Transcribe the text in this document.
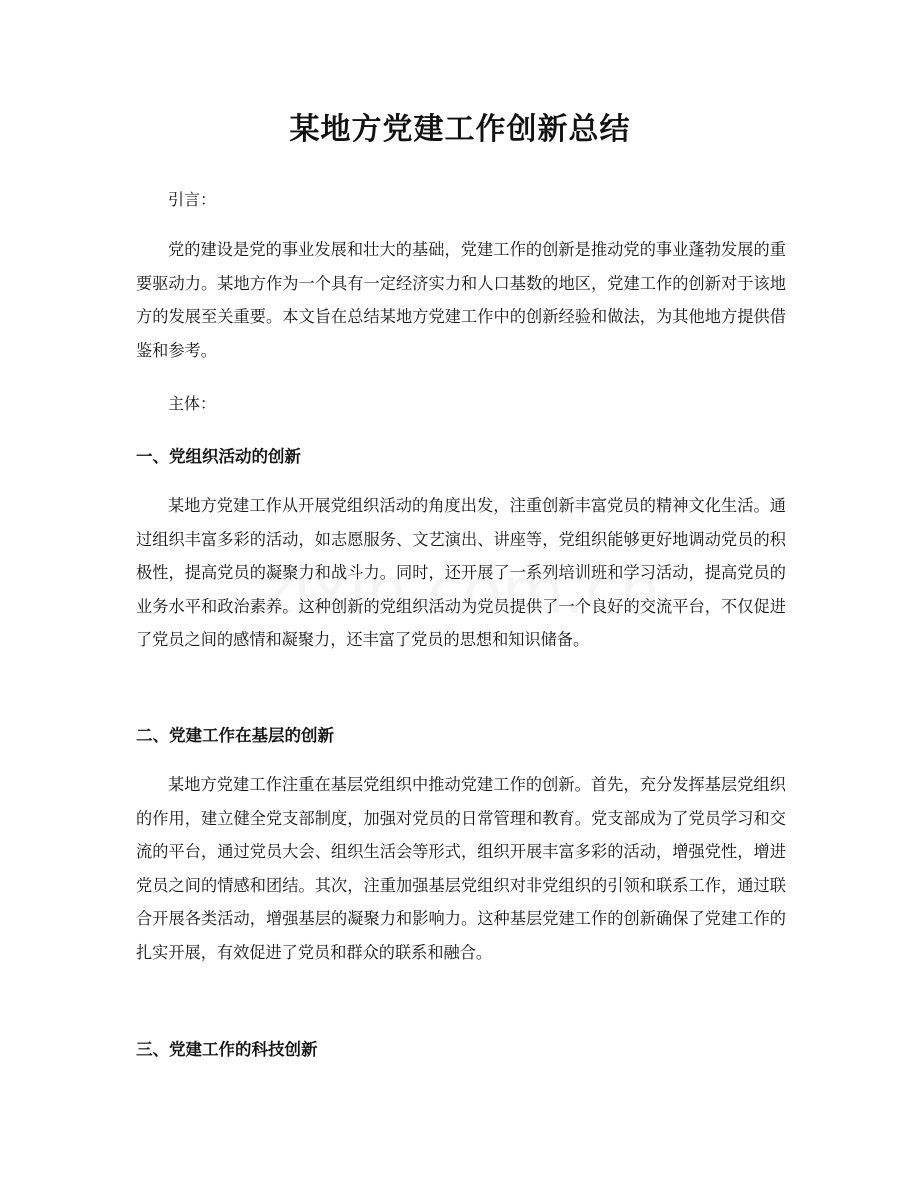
某地方党建工作创新总结

引言：

党的建设是党的事业发展和壮大的基础，党建工作的创新是推动党的事业蓬勃发展的重要驱动力。某地方作为一个具有一定经济实力和人口基数的地区，党建工作的创新对于该地方的发展至关重要。本文旨在总结某地方党建工作中的创新经验和做法，为其他地方提供借鉴和参考。

主体：

一、党组织活动的创新

某地方党建工作从开展党组织活动的角度出发，注重创新丰富党员的精神文化生活。通过组织丰富多彩的活动，如志愿服务、文艺演出、讲座等，党组织能够更好地调动党员的积极性，提高党员的凝聚力和战斗力。同时，还开展了一系列培训班和学习活动，提高党员的业务水平和政治素养。这种创新的党组织活动为党员提供了一个良好的交流平台，不仅促进了党员之间的感情和凝聚力，还丰富了党员的思想和知识储备。

二、党建工作在基层的创新

某地方党建工作注重在基层党组织中推动党建工作的创新。首先，充分发挥基层党组织的作用，建立健全党支部制度，加强对党员的日常管理和教育。党支部成为了党员学习和交流的平台，通过党员大会、组织生活会等形式，组织开展丰富多彩的活动，增强党性，增进党员之间的情感和团结。其次，注重加强基层党组织对非党组织的引领和联系工作，通过联合开展各类活动，增强基层的凝聚力和影响力。这种基层党建工作的创新确保了党建工作的扎实开展，有效促进了党员和群众的联系和融合。

三、党建工作的科技创新
